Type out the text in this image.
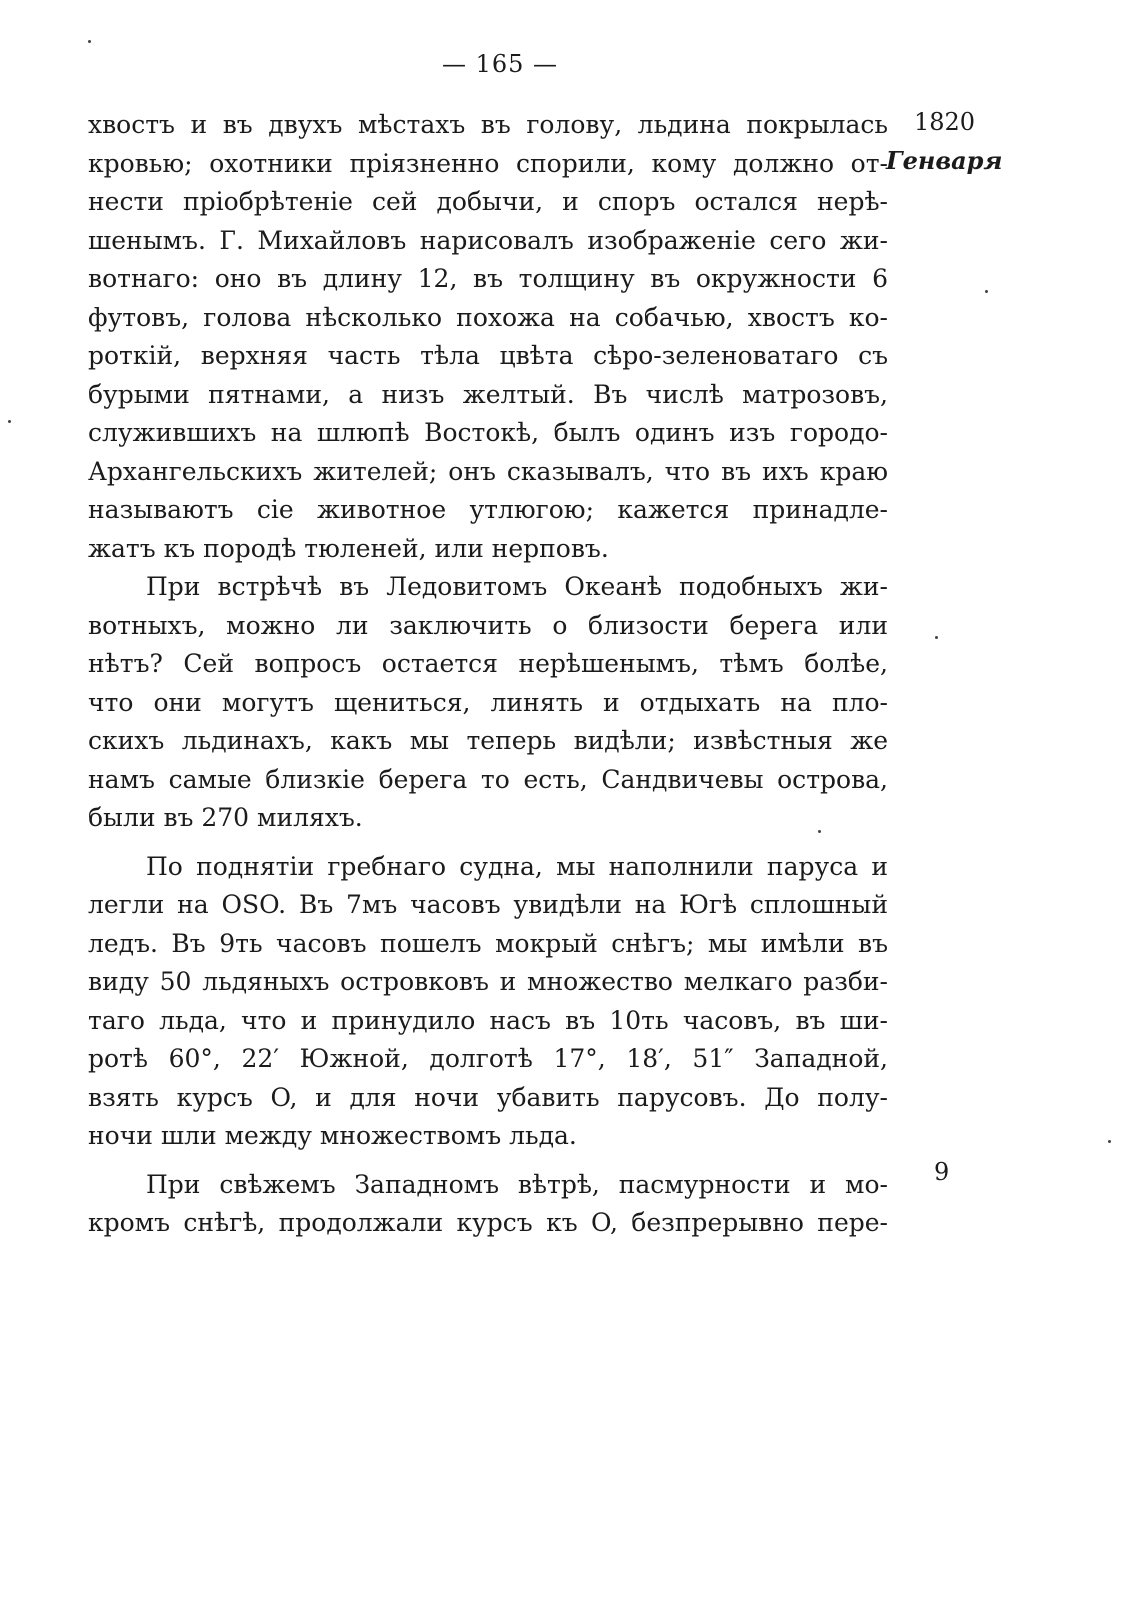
— 165 —
1820
Генваря
9
хвостъ и въ двухъ мѣстахъ въ голову, льдина покрылась
кровью; охотники пріязненно спорили, кому должно от-
нести пріобрѣтеніе сей добычи, и споръ остался нерѣ-
шенымъ. Г. Михайловъ нарисовалъ изображеніе сего жи-
вотнаго: оно въ длину 12, въ толщину въ окружности 6
футовъ, голова нѣсколько похожа на собачью, хвостъ ко-
роткій, верхняя часть тѣла цвѣта сѣро-зеленоватаго съ
бурыми пятнами, а низъ желтый. Въ числѣ матрозовъ,
служившихъ на шлюпѣ Востокѣ, былъ одинъ изъ городо-
Архангельскихъ жителей; онъ сказывалъ, что въ ихъ краю
называютъ сіе животное утлюгою; кажется принадле-
жатъ къ породѣ тюленей, или нерповъ.
При встрѣчѣ въ Ледовитомъ Океанѣ подобныхъ жи-
вотныхъ, можно ли заключить о близости берега или
нѣтъ? Сей вопросъ остается нерѣшенымъ, тѣмъ болѣе,
что они могутъ щениться, линять и отдыхать на пло-
скихъ льдинахъ, какъ мы теперь видѣли; извѣстныя же
намъ самые близкіе берега то есть, Сандвичевы острова,
были въ 270 миляхъ.
По поднятіи гребнаго судна, мы наполнили паруса и
легли на OSO. Въ 7мъ часовъ увидѣли на Югѣ сплошный
ледъ. Въ 9ть часовъ пошелъ мокрый снѣгъ; мы имѣли въ
виду 50 льдяныхъ островковъ и множество мелкаго разби-
таго льда, что и принудило насъ въ 10ть часовъ, въ ши-
ротѣ 60°, 22′ Южной, долготѣ 17°, 18′, 51″ Западной,
взять курсъ O, и для ночи убавить парусовъ. До полу-
ночи шли между множествомъ льда.
При свѣжемъ Западномъ вѣтрѣ, пасмурности и мо-
кромъ снѣгѣ, продолжали курсъ къ O, безпрерывно пере-
